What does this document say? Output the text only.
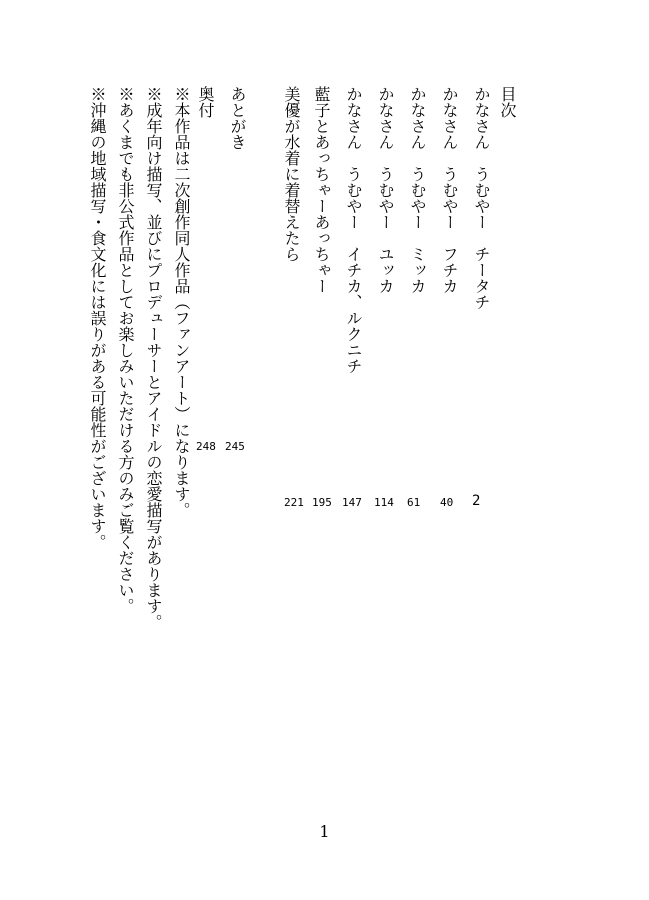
目次
かなさん　うむやー　チータチ
かなさん　うむやー　フチカ
かなさん　うむやー　ミッカ
かなさん　うむやー　ユッカ
かなさん　うむやー　イチカ、ルクニチ
藍子とあっちゃーあっちゃー
美優が水着に着替えたら
2
40
61
114
147
195
221
あとがき
奥付
245
248
※本作品は二次創作同人作品（ファンアート）になります。
※成年向け描写、並びにプロデューサーとアイドルの恋愛描写があります。
※あくまでも非公式作品としてお楽しみいただける方のみご覧ください。
※沖縄の地域描写・食文化には誤りがある可能性がございます。
1
